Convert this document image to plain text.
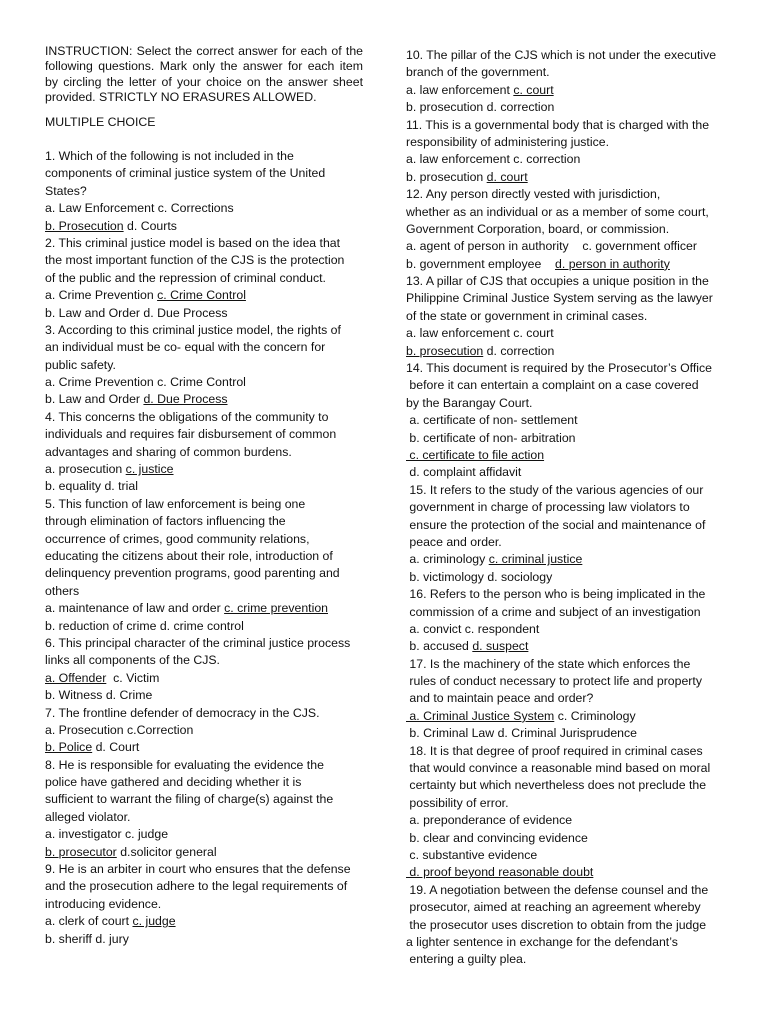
INSTRUCTION: Select the correct answer for each of the following questions. Mark only the answer for each item by circling the letter of your choice on the answer sheet provided. STRICTLY NO ERASURES ALLOWED.
MULTIPLE CHOICE
1. Which of the following is not included in the
components of criminal justice system of the United
States?
a. Law Enforcement c. Corrections
b. Prosecution d. Courts
2. This criminal justice model is based on the idea that
the most important function of the CJS is the protection
of the public and the repression of criminal conduct.
a. Crime Prevention c. Crime Control
b. Law and Order d. Due Process
3. According to this criminal justice model, the rights of
an individual must be co- equal with the concern for
public safety.
a. Crime Prevention c. Crime Control
b. Law and Order d. Due Process
4. This concerns the obligations of the community to
individuals and requires fair disbursement of common
advantages and sharing of common burdens.
a. prosecution c. justice
b. equality d. trial
5. This function of law enforcement is being one
through elimination of factors influencing the
occurrence of crimes, good community relations,
educating the citizens about their role, introduction of
delinquency prevention programs, good parenting and
others
a. maintenance of law and order c. crime prevention
b. reduction of crime d. crime control
6. This principal character of the criminal justice process
links all components of the CJS.
a. Offender  c. Victim
b. Witness d. Crime
7. The frontline defender of democracy in the CJS.
a. Prosecution c.Correction
b. Police d. Court
8. He is responsible for evaluating the evidence the
police have gathered and deciding whether it is
sufficient to warrant the filing of charge(s) against the
alleged violator.
a. investigator c. judge
b. prosecutor d.solicitor general
9. He is an arbiter in court who ensures that the defense
and the prosecution adhere to the legal requirements of
introducing evidence.
a. clerk of court c. judge
b. sheriff d. jury
10. The pillar of the CJS which is not under the executive
branch of the government.
a. law enforcement c. court
b. prosecution d. correction
11. This is a governmental body that is charged with the
responsibility of administering justice.
a. law enforcement c. correction
b. prosecution d. court
12. Any person directly vested with jurisdiction,
whether as an individual or as a member of some court,
Government Corporation, board, or commission.
a. agent of person in authority    c. government officer
b. government employee    d. person in authority
13. A pillar of CJS that occupies a unique position in the
Philippine Criminal Justice System serving as the lawyer
of the state or government in criminal cases.
a. law enforcement c. court
b. prosecution d. correction
14. This document is required by the Prosecutor’s Office
before it can entertain a complaint on a case covered
by the Barangay Court.
a. certificate of non- settlement
b. certificate of non- arbitration
c. certificate to file action
d. complaint affidavit
15. It refers to the study of the various agencies of our
government in charge of processing law violators to
ensure the protection of the social and maintenance of
peace and order.
a. criminology c. criminal justice
b. victimology d. sociology
16. Refers to the person who is being implicated in the
commission of a crime and subject of an investigation
a. convict c. respondent
b. accused d. suspect
17. Is the machinery of the state which enforces the
rules of conduct necessary to protect life and property
and to maintain peace and order?
a. Criminal Justice System c. Criminology
b. Criminal Law d. Criminal Jurisprudence
18. It is that degree of proof required in criminal cases
that would convince a reasonable mind based on moral
certainty but which nevertheless does not preclude the
possibility of error.
a. preponderance of evidence
b. clear and convincing evidence
c. substantive evidence
d. proof beyond reasonable doubt
19. A negotiation between the defense counsel and the
prosecutor, aimed at reaching an agreement whereby
the prosecutor uses discretion to obtain from the judge
a lighter sentence in exchange for the defendant’s
entering a guilty plea.
